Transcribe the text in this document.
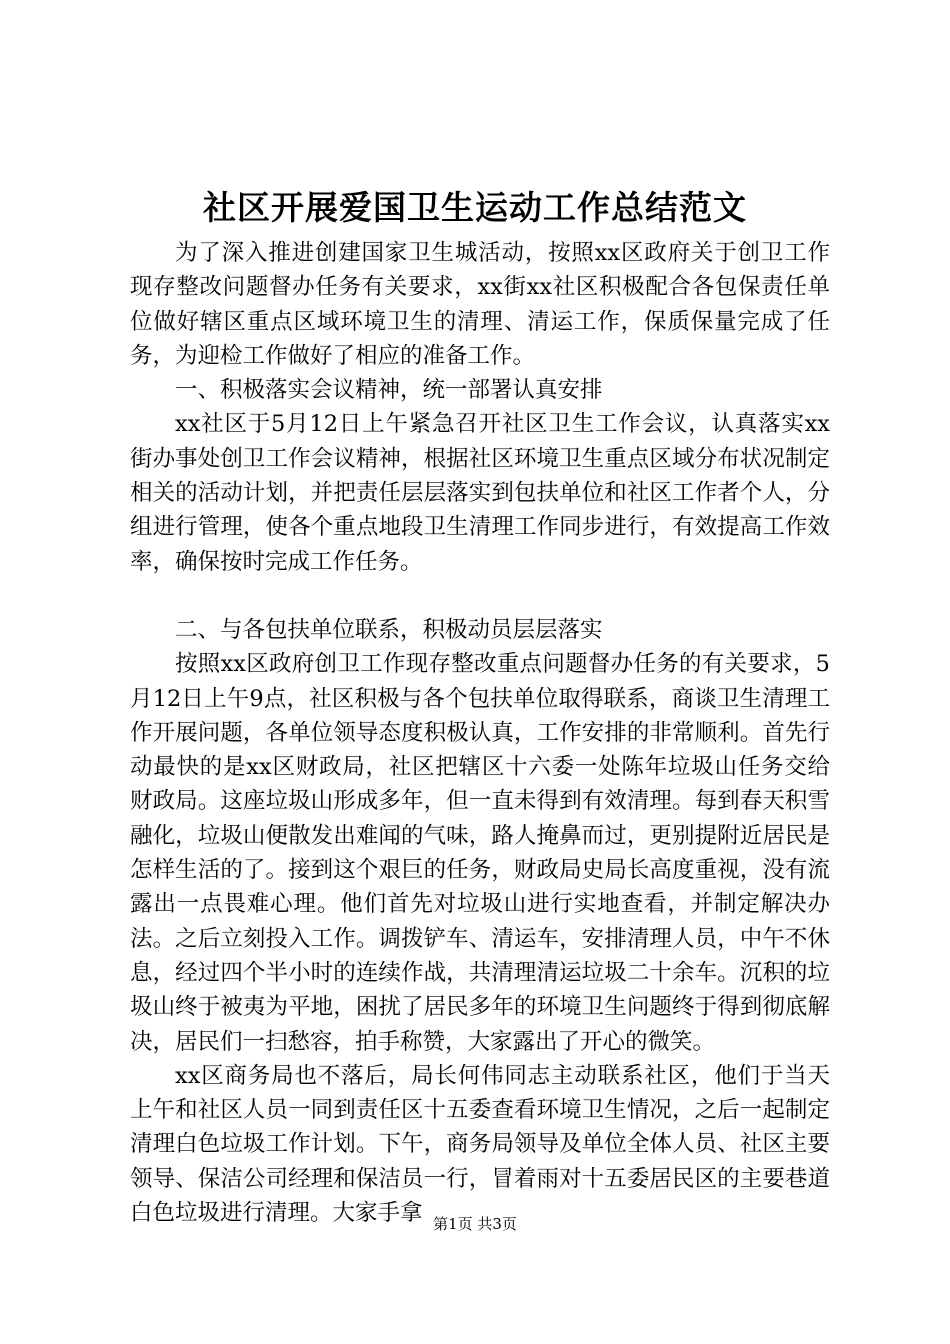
社区开展爱国卫生运动工作总结范文

为了深入推进创建国家卫生城活动，按照xx区政府关于创卫工作现存整改问题督办任务有关要求，xx街xx社区积极配合各包保责任单位做好辖区重点区域环境卫生的清理、清运工作，保质保量完成了任务，为迎检工作做好了相应的准备工作。

一、积极落实会议精神，统一部署认真安排

xx社区于5月12日上午紧急召开社区卫生工作会议，认真落实xx街办事处创卫工作会议精神，根据社区环境卫生重点区域分布状况制定相关的活动计划，并把责任层层落实到包扶单位和社区工作者个人，分组进行管理，使各个重点地段卫生清理工作同步进行，有效提高工作效率，确保按时完成工作任务。

二、与各包扶单位联系，积极动员层层落实

按照xx区政府创卫工作现存整改重点问题督办任务的有关要求，5月12日上午9点，社区积极与各个包扶单位取得联系，商谈卫生清理工作开展问题，各单位领导态度积极认真，工作安排的非常顺利。首先行动最快的是xx区财政局，社区把辖区十六委一处陈年垃圾山任务交给财政局。这座垃圾山形成多年，但一直未得到有效清理。每到春天积雪融化，垃圾山便散发出难闻的气味，路人掩鼻而过，更别提附近居民是怎样生活的了。接到这个艰巨的任务，财政局史局长高度重视，没有流露出一点畏难心理。他们首先对垃圾山进行实地查看，并制定解决办法。之后立刻投入工作。调拨铲车、清运车，安排清理人员，中午不休息，经过四个半小时的连续作战，共清理清运垃圾二十余车。沉积的垃圾山终于被夷为平地，困扰了居民多年的环境卫生问题终于得到彻底解决，居民们一扫愁容，拍手称赞，大家露出了开心的微笑。

xx区商务局也不落后，局长何伟同志主动联系社区，他们于当天上午和社区人员一同到责任区十五委查看环境卫生情况，之后一起制定清理白色垃圾工作计划。下午，商务局领导及单位全体人员、社区主要领导、保洁公司经理和保洁员一行，冒着雨对十五委居民区的主要巷道白色垃圾进行清理。大家手拿 第1页 共3页
